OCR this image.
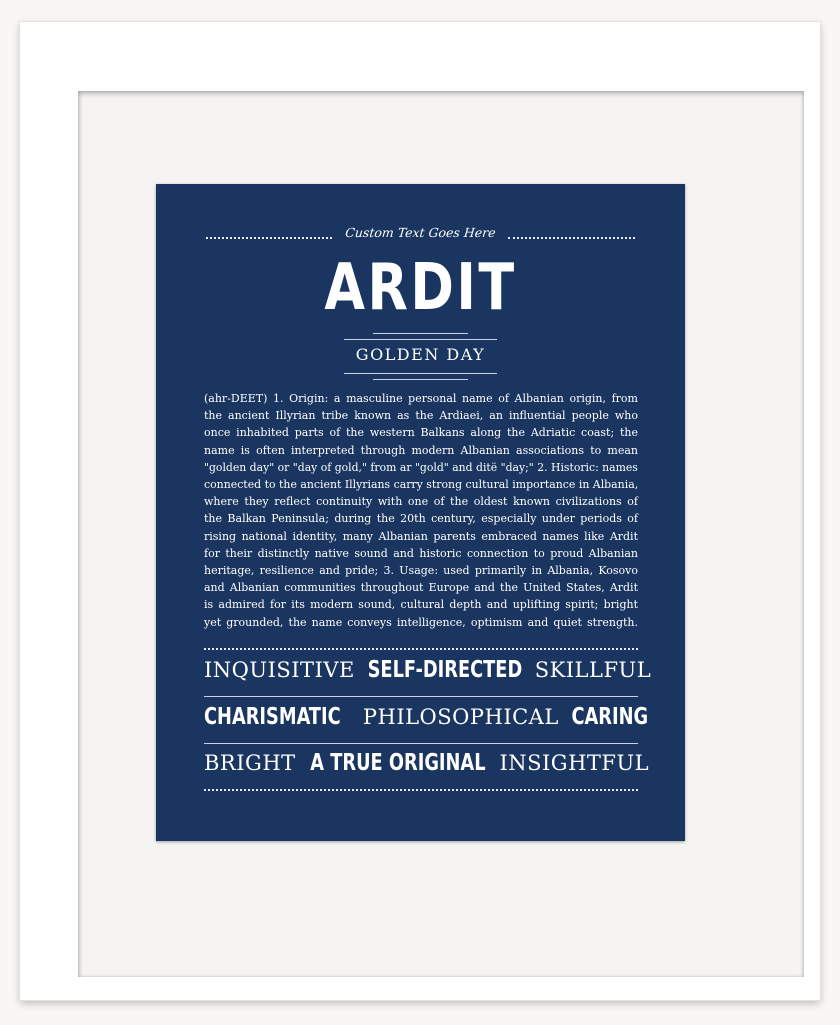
Custom Text Goes Here
ARDIT
GOLDEN DAY
(ahr-DEET) 1. Origin: a masculine personal name of Albanian origin, from
the ancient Illyrian tribe known as the Ardiaei, an influential people who
once inhabited parts of the western Balkans along the Adriatic coast; the
name is often interpreted through modern Albanian associations to mean
"golden day" or "day of gold," from ar "gold" and ditë "day;" 2. Historic: names
connected to the ancient Illyrians carry strong cultural importance in Albania,
where they reflect continuity with one of the oldest known civilizations of
the Balkan Peninsula; during the 20th century, especially under periods of
rising national identity, many Albanian parents embraced names like Ardit
for their distinctly native sound and historic connection to proud Albanian
heritage, resilience and pride; 3. Usage: used primarily in Albania, Kosovo
and Albanian communities throughout Europe and the United States, Ardit
is admired for its modern sound, cultural depth and uplifting spirit; bright
yet grounded, the name conveys intelligence, optimism and quiet strength.
INQUISITIVE SELF-DIRECTED SKILLFUL
CHARISMATIC PHILOSOPHICAL CARING
BRIGHT A TRUE ORIGINAL INSIGHTFUL
